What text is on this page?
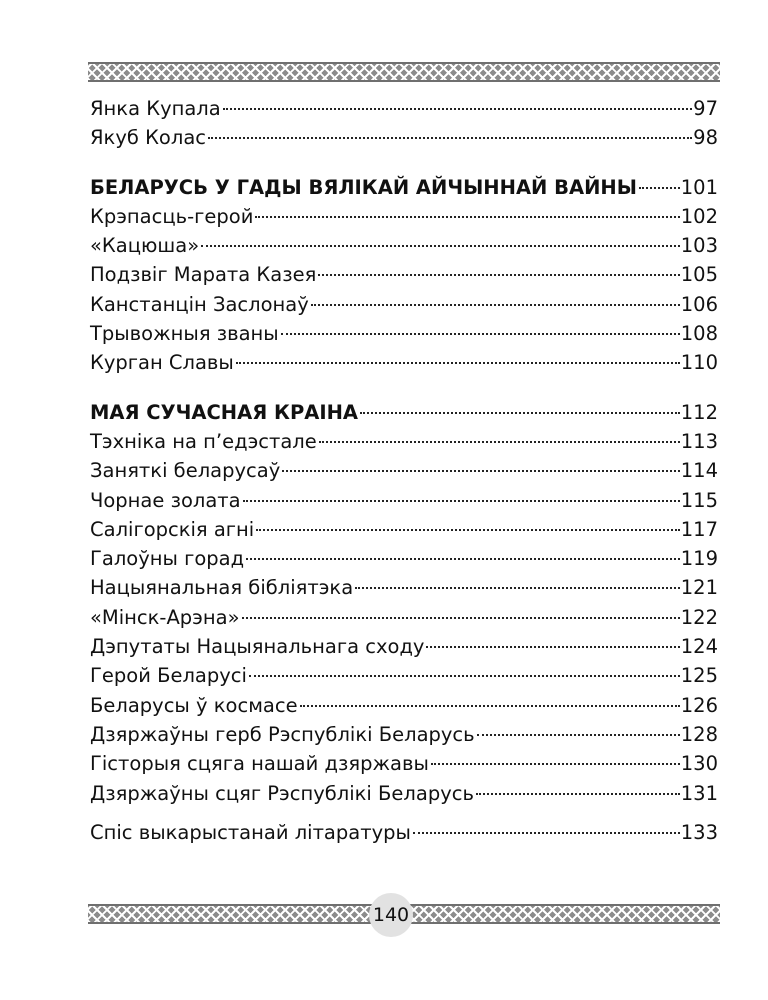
Янка Купала	97
Якуб Колас	98
БЕЛАРУСЬ У ГАДЫ ВЯЛІКАЙ АЙЧЫННАЙ ВАЙНЫ 101
Крэпасць-герой	102
«Кацюша»	103
Подзвіг Марата Казея	105
Канстанцін Заслонаў	106
Трывожныя званы	108
Курган Славы	110
МАЯ СУЧАСНАЯ КРАІНА	112
Тэхніка на п’едэстале	113
Заняткі беларусаў	114
Чорнае золата	115
Салігорскія агні	117
Галоўны горад	119
Нацыянальная бібліятэка	121
«Мінск-Арэна»	122
Дэпутаты Нацыянальнага сходу	124
Герой Беларусі	125
Беларусы ў космасе	126
Дзяржаўны герб Рэспублікі Беларусь	128
Гісторыя сцяга нашай дзяржавы	130
Дзяржаўны сцяг Рэспублікі Беларусь	131
Спіс выкарыстанай літаратуры	133
140
